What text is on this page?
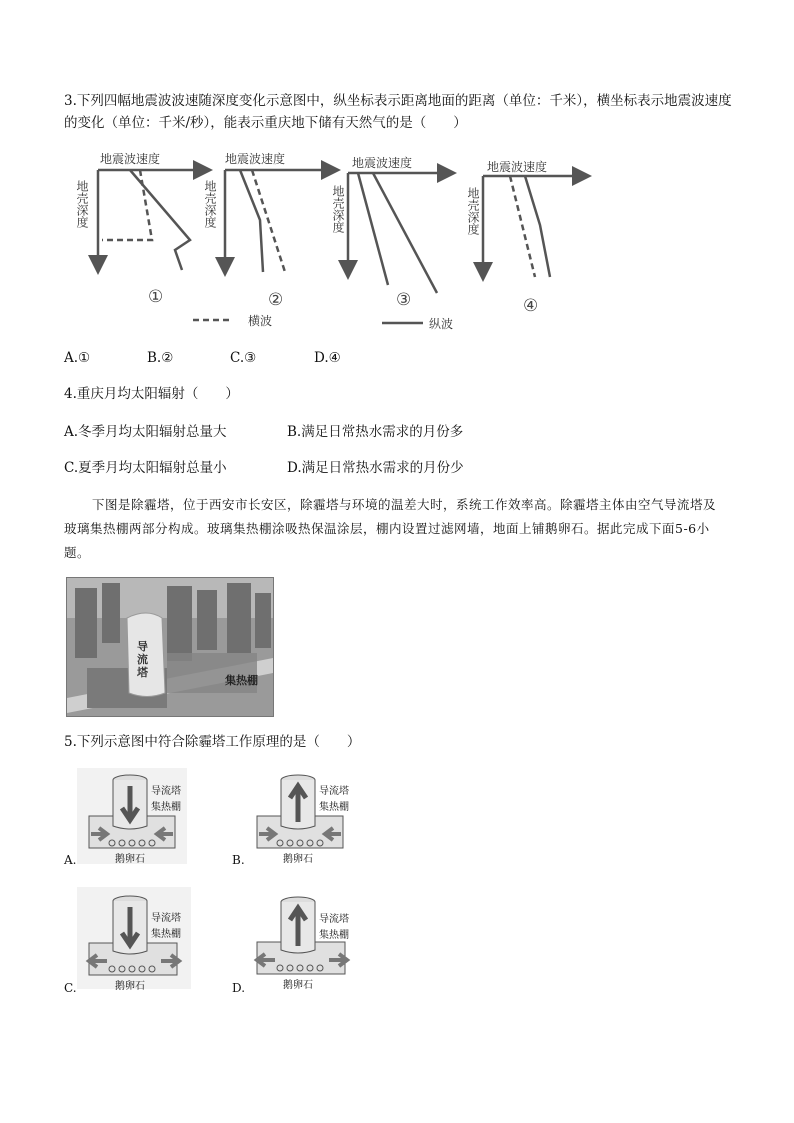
3.下列四幅地震波波速随深度变化示意图中，纵坐标表示距离地面的距离（单位：千米），横坐标表示地震波速度的变化（单位：千米/秒），能表示重庆地下储有天然气的是（　　）
地震波速度	地震波速度	地震波速度	地震波速度
地壳深度	地壳深度	地壳深度	地壳深度
①	②	③	④
横波	纵波
A.①	B.②	C.③	D.④
4.重庆月均太阳辐射（　　）
A.冬季月均太阳辐射总量大	B.满足日常热水需求的月份多
C.夏季月均太阳辐射总量小	D.满足日常热水需求的月份少
下图是除霾塔，位于西安市长安区，除霾塔与环境的温差大时，系统工作效率高。除霾塔主体由空气导流塔及玻璃集热棚两部分构成。玻璃集热棚涂吸热保温涂层，棚内设置过滤网墙，地面上铺鹅卵石。据此完成下面5-6小题。
导流塔
集热棚
5.下列示意图中符合除霾塔工作原理的是（　　）
导流塔
集热棚
鹅卵石
A.
导流塔
集热棚
鹅卵石
B.
导流塔
集热棚
鹅卵石
C.
导流塔
集热棚
鹅卵石
D.
